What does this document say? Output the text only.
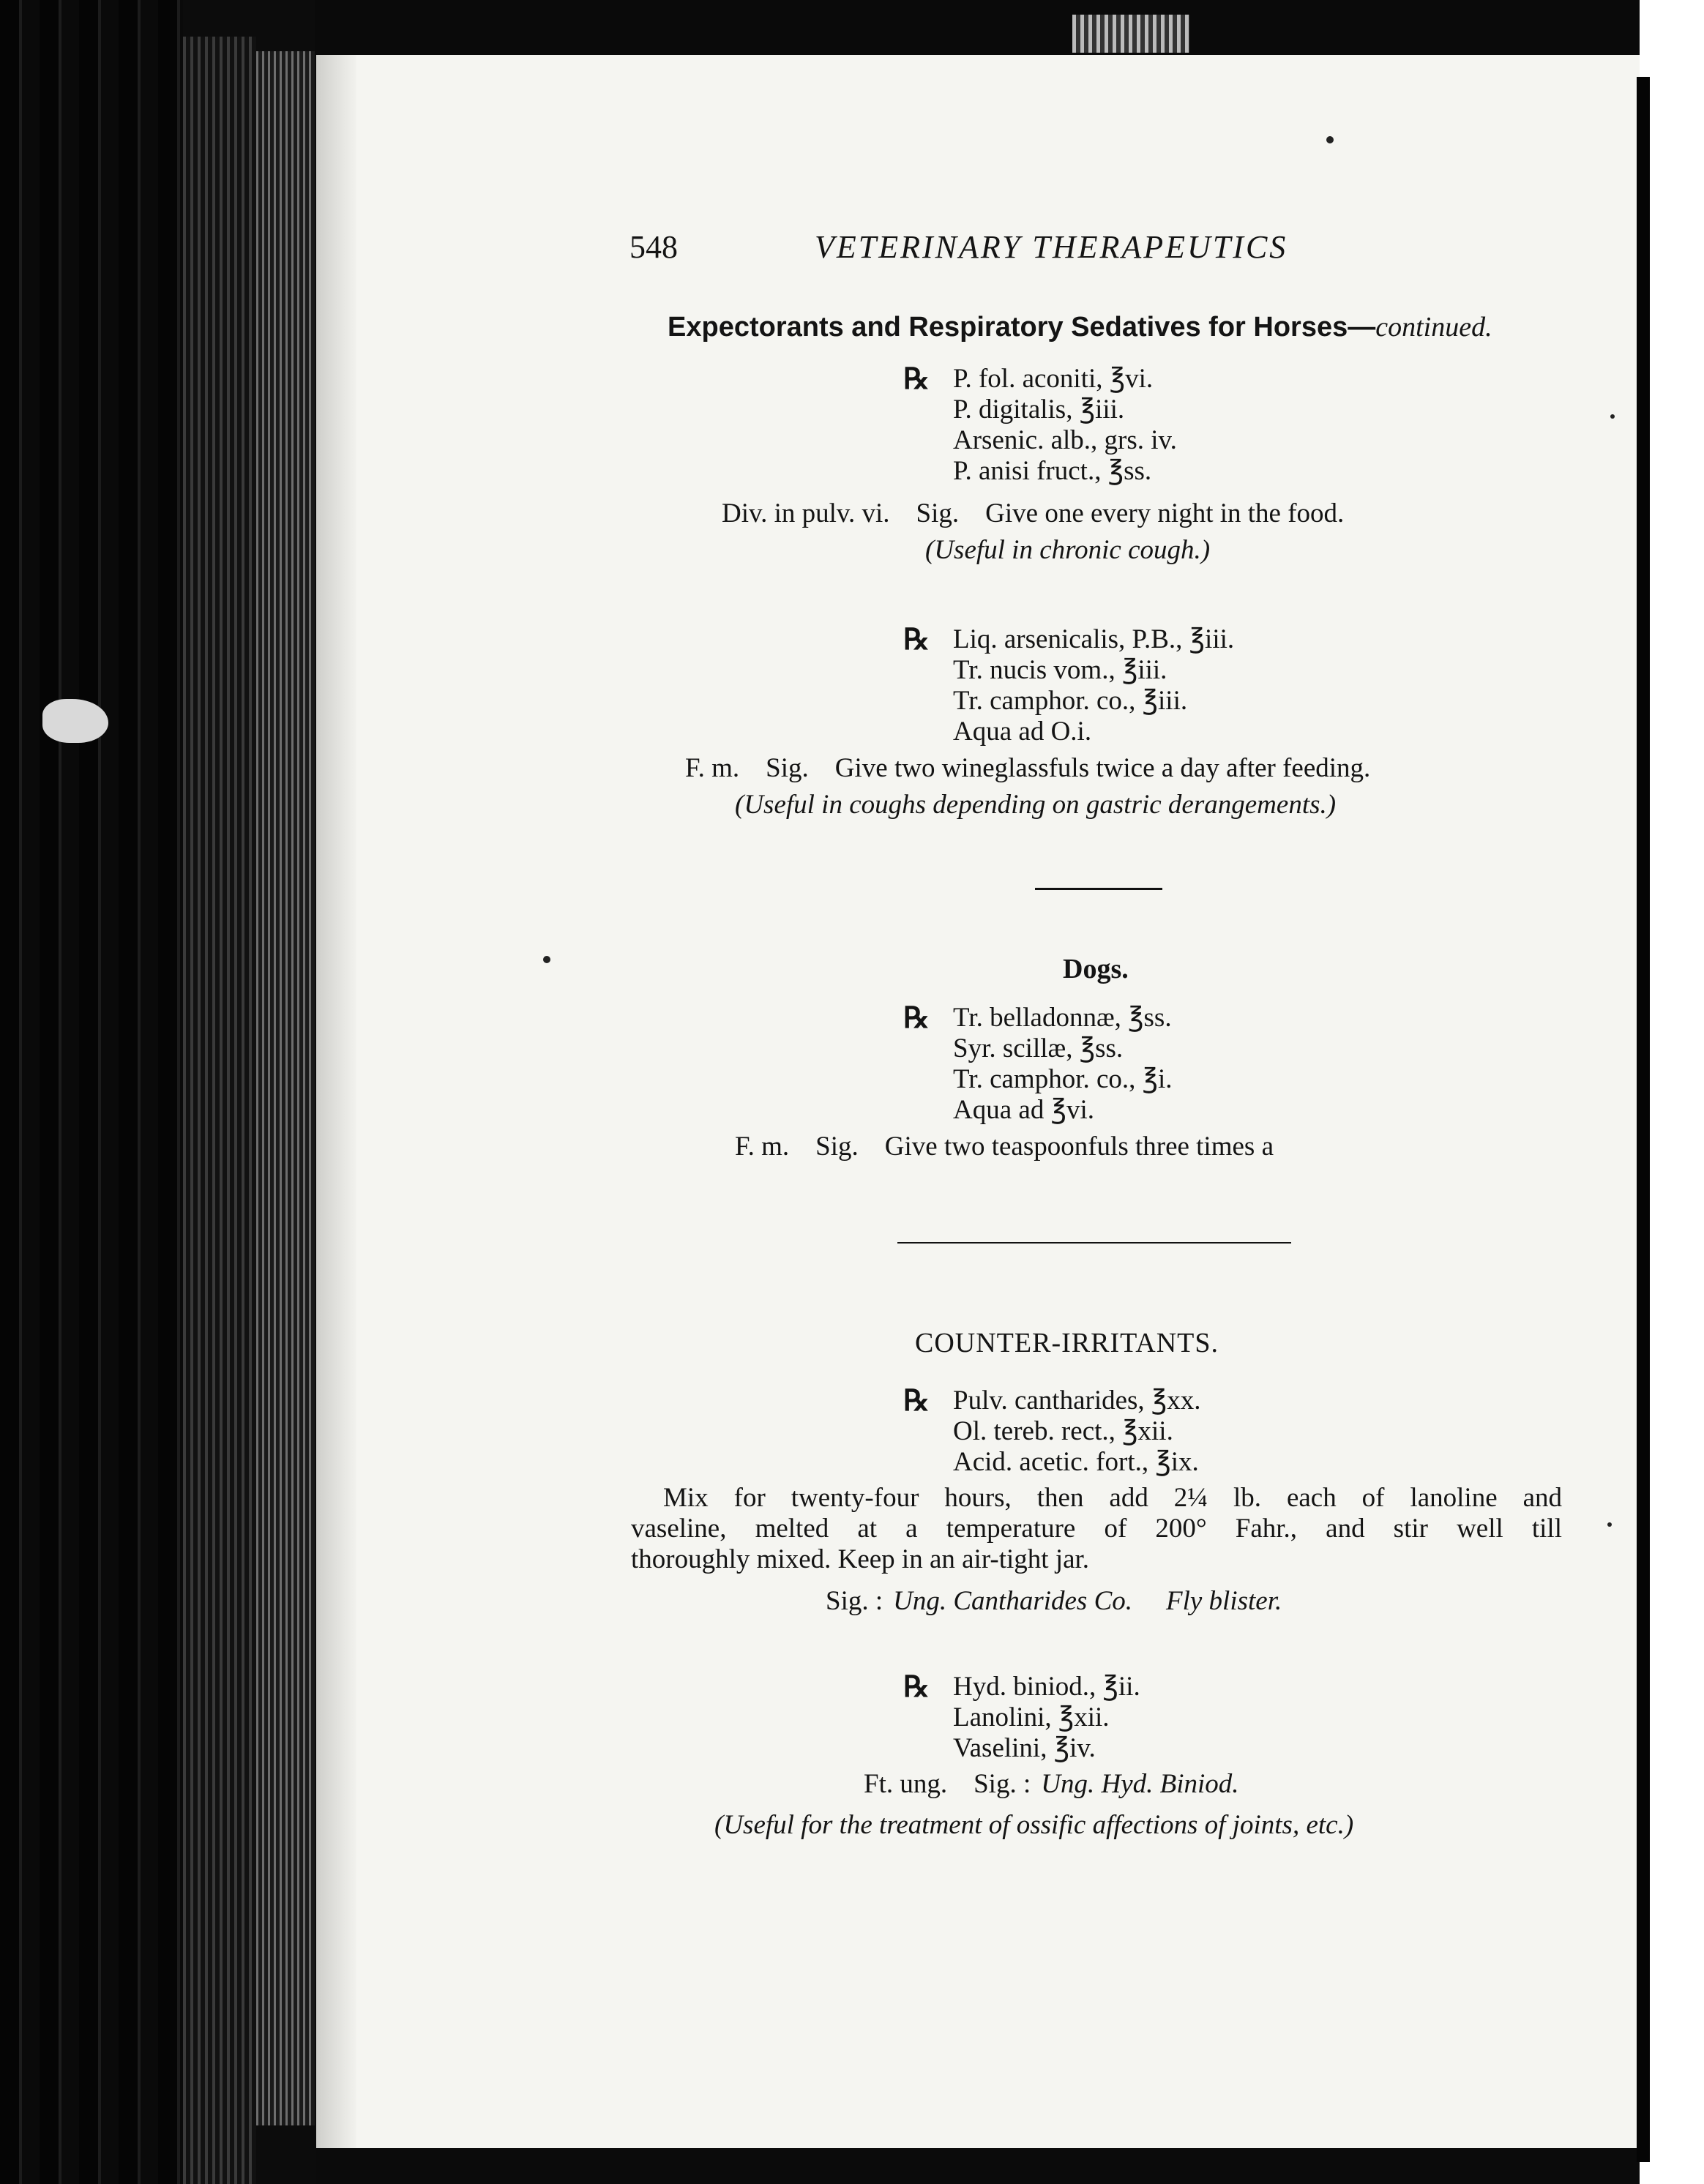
548	VETERINARY THERAPEUTICS
Expectorants and Respiratory Sedatives for Horses—continued.
℞ P. fol. aconiti, ℥vi.
P. digitalis, ℥iii.
Arsenic. alb., grs. iv.
P. anisi fruct., ℥ss.
Div. in pulv. vi. Sig. Give one every night in the food.
(Useful in chronic cough.)
℞ Liq. arsenicalis, P.B., ℥iii.
Tr. nucis vom., ℥iii.
Tr. camphor. co., ℥iii.
Aqua ad O.i.
F. m. Sig. Give two wineglassfuls twice a day after feeding.
(Useful in coughs depending on gastric derangements.)
Dogs.
℞ Tr. belladonnæ, ℥ss.
Syr. scillæ, ℥ss.
Tr. camphor. co., ℥i.
Aqua ad ℥vi.
F. m. Sig. Give two teaspoonfuls three times a
COUNTER-IRRITANTS.
℞ Pulv. cantharides, ℥xx.
Ol. tereb. rect., ℥xii.
Acid. acetic. fort., ℥ix.
Mix for twenty-four hours, then add 2¼ lb. each of lanoline and
vaseline, melted at a temperature of 200° Fahr., and stir well till
thoroughly mixed. Keep in an air-tight jar.
Sig. : Ung. Cantharides Co. Fly blister.
℞ Hyd. biniod., ℥ii.
Lanolini, ℥xii.
Vaselini, ℥iv.
Ft. ung. Sig. : Ung. Hyd. Biniod.
(Useful for the treatment of ossific affections of joints, etc.)
